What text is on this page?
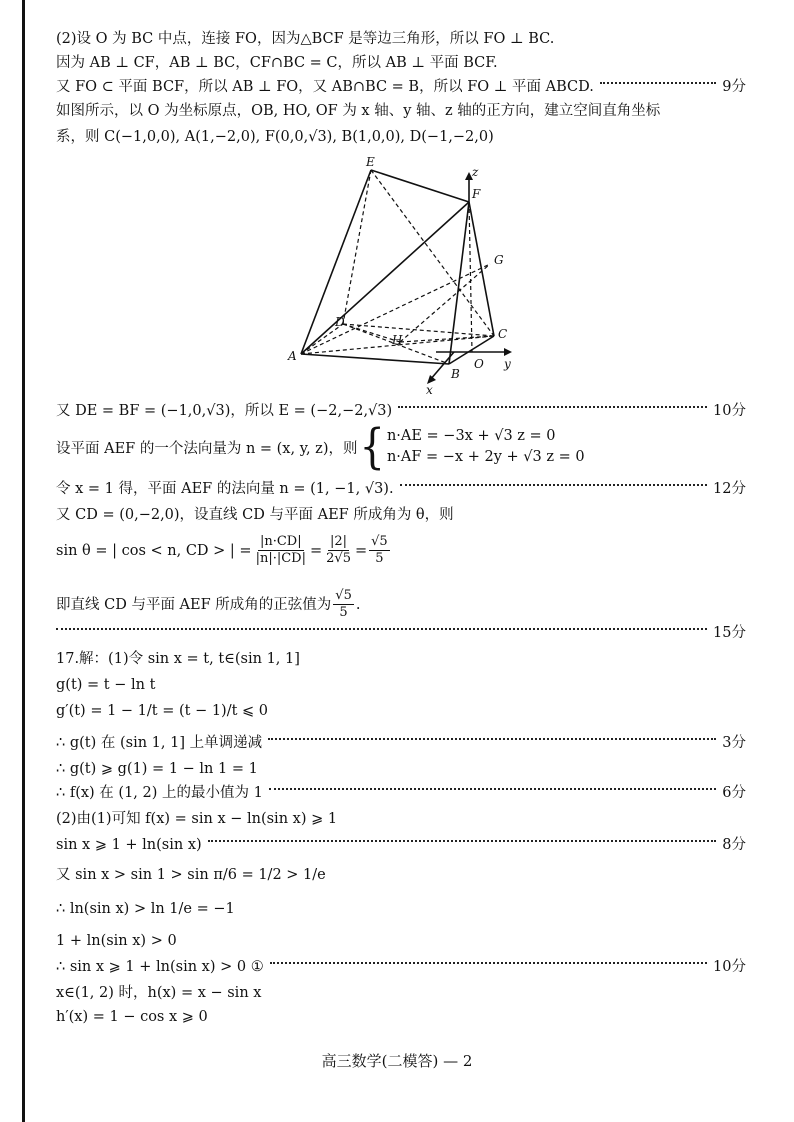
(2)设 O 为 BC 中点，连接 FO，因为△BCF 是等边三角形，所以 FO ⊥ BC.
因为 AB ⊥ CF，AB ⊥ BC，CF∩BC = C，所以 AB ⊥ 平面 BCF.
又 FO ⊂ 平面 BCF，所以 AB ⊥ FO，又 AB∩BC = B，所以 FO ⊥ 平面 ABCD.	9分
如图所示，以 O 为坐标原点，OB, HO, OF 为 x 轴、y 轴、z 轴的正方向，建立空间直角坐标
系，则 C(−1,0,0), A(1,−2,0), F(0,0,√3), B(1,0,0), D(−1,−2,0)
E
F
z
G
D
H	C
A
B
O y
x
又 DE = BF = (−1,0,√3)，所以 E = (−2,−2,√3)	10分
设平面 AEF 的一个法向量为 n = (x, y, z)，则 { n·AE = −3x + √3 z = 0
n·AF = −x + 2y + √3 z = 0
令 x = 1 得，平面 AEF 的法向量 n = (1, −1, √3).	12分
又 CD = (0,−2,0)，设直线 CD 与平面 AEF 所成角为 θ，则
sin θ = | cos < n, CD > | = $\frac{|n\cdot CD|}{|n|\cdot|CD|} = \frac{|2|}{2√5} = \frac{√5}{5}$
即直线 CD 与平面 AEF 所成角的正弦值为 $\frac{√5}{5}$ .
15分
17.解：(1)令 sin x = t, t∈(sin 1, 1]
g(t) = t − ln t
g′(t) = 1 − 1/t = (t − 1)/t ⩽ 0
∴ g(t) 在 (sin 1, 1] 上单调递减	3分
∴ g(t) ⩾ g(1) = 1 − ln 1 = 1
∴ f(x) 在 (1, 2) 上的最小值为 1	6分
(2)由(1)可知 f(x) = sin x − ln(sin x) ⩾ 1
sin x ⩾ 1 + ln(sin x)	8分
又 sin x > sin 1 > sin π/6 = 1/2 > 1/e
∴ ln(sin x) > ln 1/e = −1
1 + ln(sin x) > 0
∴ sin x ⩾ 1 + ln(sin x) > 0 ①	10分
x∈(1, 2) 时，h(x) = x − sin x
h′(x) = 1 − cos x ⩾ 0
高三数学(二模答) — 2
